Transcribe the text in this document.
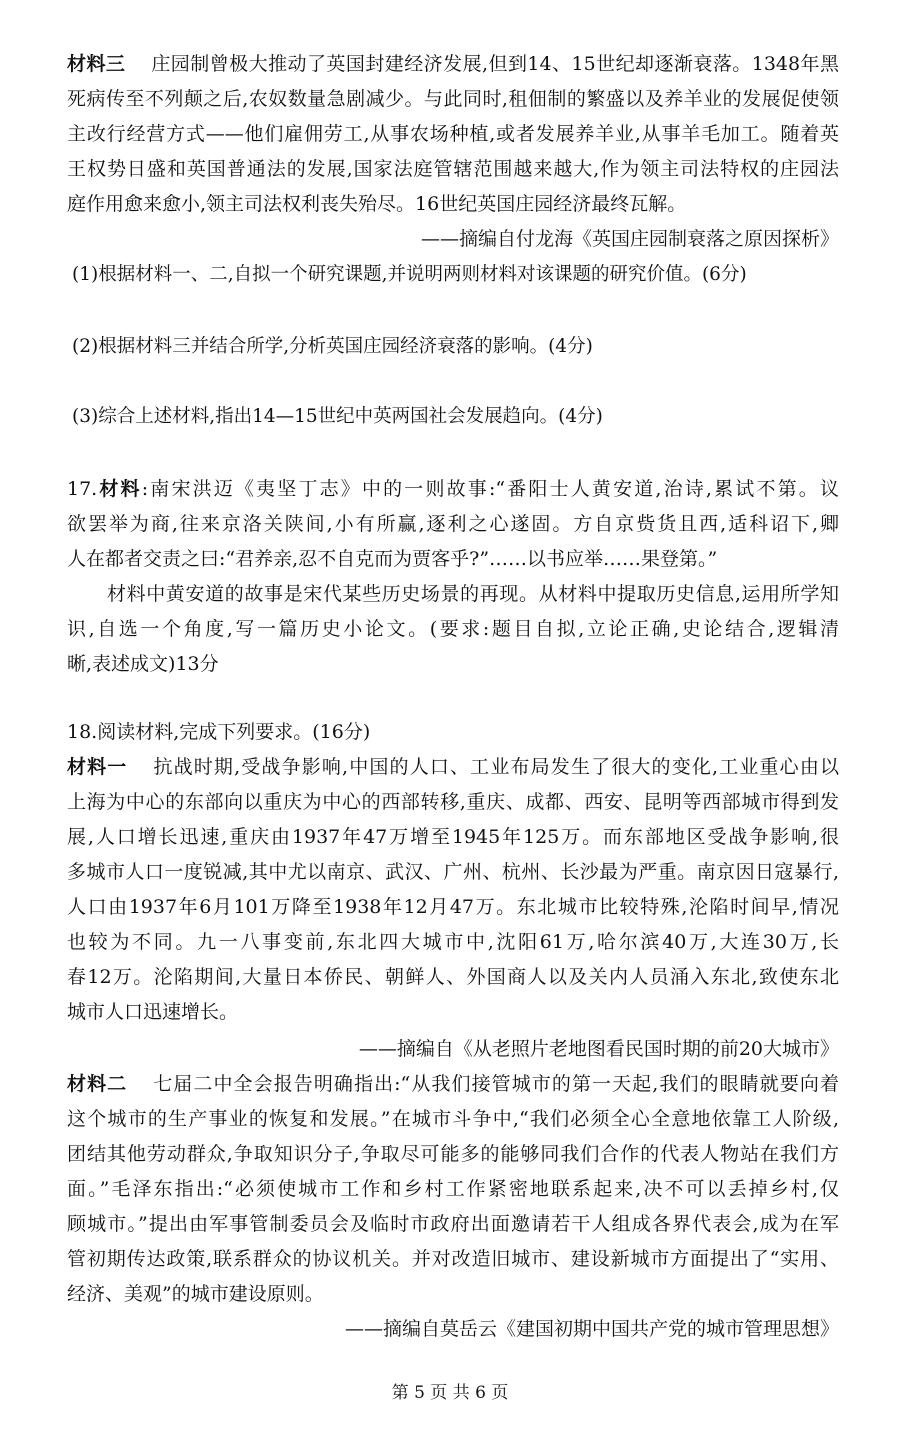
材料三 庄园制曾极大推动了英国封建经济发展,但到14、15世纪却逐渐衰落。1348年黑
死病传至不列颠之后,农奴数量急剧减少。与此同时,租佃制的繁盛以及养羊业的发展促使领
主改行经营方式——他们雇佣劳工,从事农场种植,或者发展养羊业,从事羊毛加工。随着英
王权势日盛和英国普通法的发展,国家法庭管辖范围越来越大,作为领主司法特权的庄园法
庭作用愈来愈小,领主司法权利丧失殆尽。16世纪英国庄园经济最终瓦解。
——摘编自付龙海《英国庄园制衰落之原因探析》
(1)根据材料一、二,自拟一个研究课题,并说明两则材料对该课题的研究价值。(6分)
(2)根据材料三并结合所学,分析英国庄园经济衰落的影响。(4分)
(3)综合上述材料,指出14—15世纪中英两国社会发展趋向。(4分)
17.材料:南宋洪迈《夷坚丁志》中的一则故事:“番阳士人黄安道,治诗,累试不第。议
欲罢举为商,往来京洛关陕间,小有所赢,逐利之心遂固。方自京赀货且西,适科诏下,卿
人在都者交责之曰:“君养亲,忍不自克而为贾客乎?”……以书应举……果登第。”
材料中黄安道的故事是宋代某些历史场景的再现。从材料中提取历史信息,运用所学知
识,自选一个角度,写一篇历史小论文。(要求:题目自拟,立论正确,史论结合,逻辑清
晰,表述成文)13分
18.阅读材料,完成下列要求。(16分)
材料一 抗战时期,受战争影响,中国的人口、工业布局发生了很大的变化,工业重心由以
上海为中心的东部向以重庆为中心的西部转移,重庆、成都、西安、昆明等西部城市得到发
展,人口增长迅速,重庆由1937年47万增至1945年125万。而东部地区受战争影响,很
多城市人口一度锐减,其中尤以南京、武汉、广州、杭州、长沙最为严重。南京因日寇暴行,
人口由1937年6月101万降至1938年12月47万。东北城市比较特殊,沦陷时间早,情况
也较为不同。九一八事变前,东北四大城市中,沈阳61万,哈尔滨40万,大连30万,长
春12万。沦陷期间,大量日本侨民、朝鲜人、外国商人以及关内人员涌入东北,致使东北
城市人口迅速增长。
——摘编自《从老照片老地图看民国时期的前20大城市》
材料二 七届二中全会报告明确指出:“从我们接管城市的第一天起,我们的眼睛就要向着
这个城市的生产事业的恢复和发展。”在城市斗争中,“我们必须全心全意地依靠工人阶级,
团结其他劳动群众,争取知识分子,争取尽可能多的能够同我们合作的代表人物站在我们方
面。”毛泽东指出:“必须使城市工作和乡村工作紧密地联系起来,决不可以丢掉乡村,仅
顾城市。”提出由军事管制委员会及临时市政府出面邀请若干人组成各界代表会,成为在军
管初期传达政策,联系群众的协议机关。并对改造旧城市、建设新城市方面提出了“实用、
经济、美观”的城市建设原则。
——摘编自莫岳云《建国初期中国共产党的城市管理思想》
第 5 页 共 6 页
